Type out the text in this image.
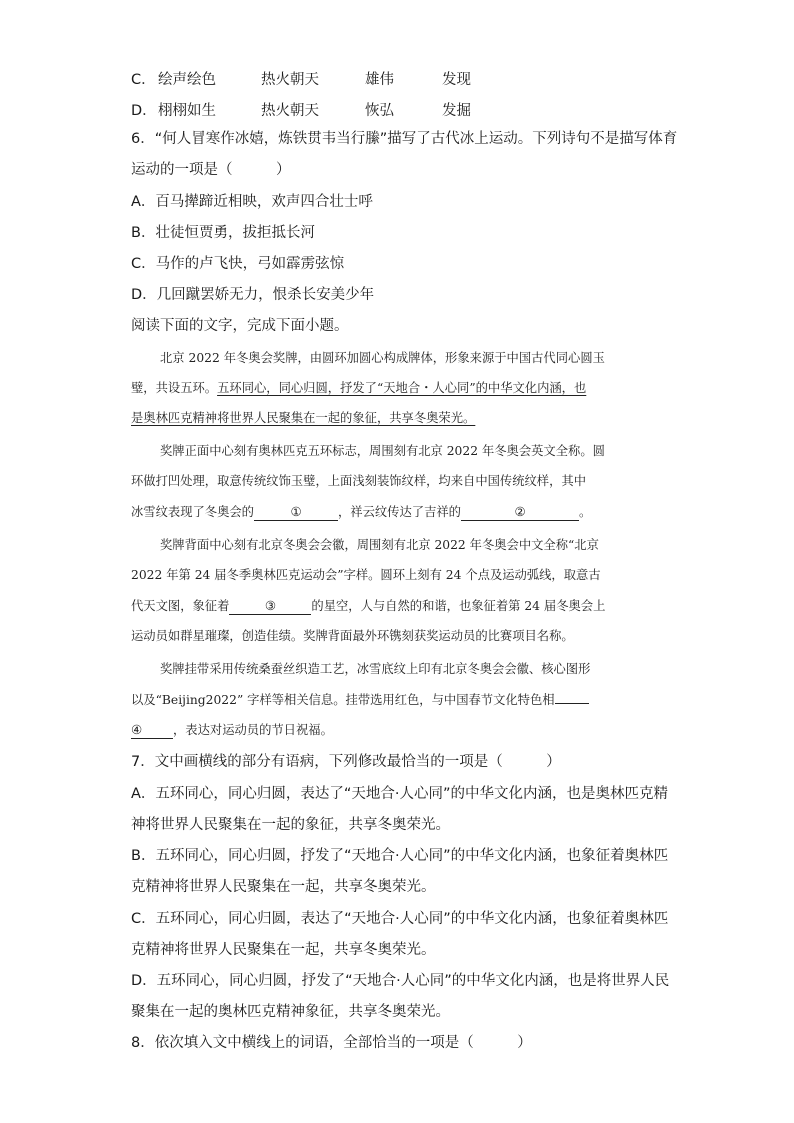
C． 绘声绘色	热火朝天	雄伟	发现
D． 栩栩如生	热火朝天	恢弘	发掘
6．“何人冒寒作冰嬉，炼铁贯韦当行縢”描写了古代冰上运动。下列诗句不是描写体育
运动的一项是（　　　）
A．百马撵蹄近相映，欢声四合壮士呼
B．壮徒恒贾勇，拔拒抵长河
C．马作的卢飞快，弓如霹雳弦惊
D．几回蹴罢娇无力，恨杀长安美少年
阅读下面的文字，完成下面小题。
北京 2022 年冬奥会奖牌，由圆环加圆心构成牌体，形象来源于中国古代同心圆玉
璧，共设五环。五环同心，同心归圆，抒发了“天地合・人心同”的中华文化内涵，也
是奥林匹克精神将世界人民聚集在一起的象征，共享冬奥荣光。
奖牌正面中心刻有奥林匹克五环标志，周围刻有北京 2022 年冬奥会英文全称。圆
环做打凹处理，取意传统纹饰玉璧，上面浅刻装饰纹样，均来自中国传统纹样，其中
冰雪纹表现了冬奥会的	①	，祥云纹传达了吉祥的	②	。
奖牌背面中心刻有北京冬奥会会徽，周围刻有北京 2022 年冬奥会中文全称“北京
2022 年第 24 届冬季奥林匹克运动会”字样。圆环上刻有 24 个点及运动弧线，取意古
代天文图，象征着	③	的星空，人与自然的和谐，也象征着第 24 届冬奥会上
运动员如群星璀璨，创造佳绩。奖牌背面最外环镌刻获奖运动员的比赛项目名称。
奖牌挂带采用传统桑蚕丝织造工艺，冰雪底纹上印有北京冬奥会会徽、核心图形
以及“Beijing2022” 字样等相关信息。挂带选用红色，与中国春节文化特色相
④	，表达对运动员的节日祝福。
7．文中画横线的部分有语病，下列修改最恰当的一项是（　　　）
A．五环同心，同心归圆，表达了“天地合·人心同”的中华文化内涵，也是奥林匹克精
神将世界人民聚集在一起的象征，共享冬奥荣光。
B．五环同心，同心归圆，抒发了“天地合·人心同”的中华文化内涵，也象征着奥林匹
克精神将世界人民聚集在一起，共享冬奥荣光。
C．五环同心，同心归圆，表达了“天地合·人心同”的中华文化内涵，也象征着奥林匹
克精神将世界人民聚集在一起，共享冬奥荣光。
D．五环同心，同心归圆，抒发了“天地合·人心同”的中华文化内涵，也是将世界人民
聚集在一起的奥林匹克精神象征，共享冬奥荣光。
8．依次填入文中横线上的词语，全部恰当的一项是（　　　）
